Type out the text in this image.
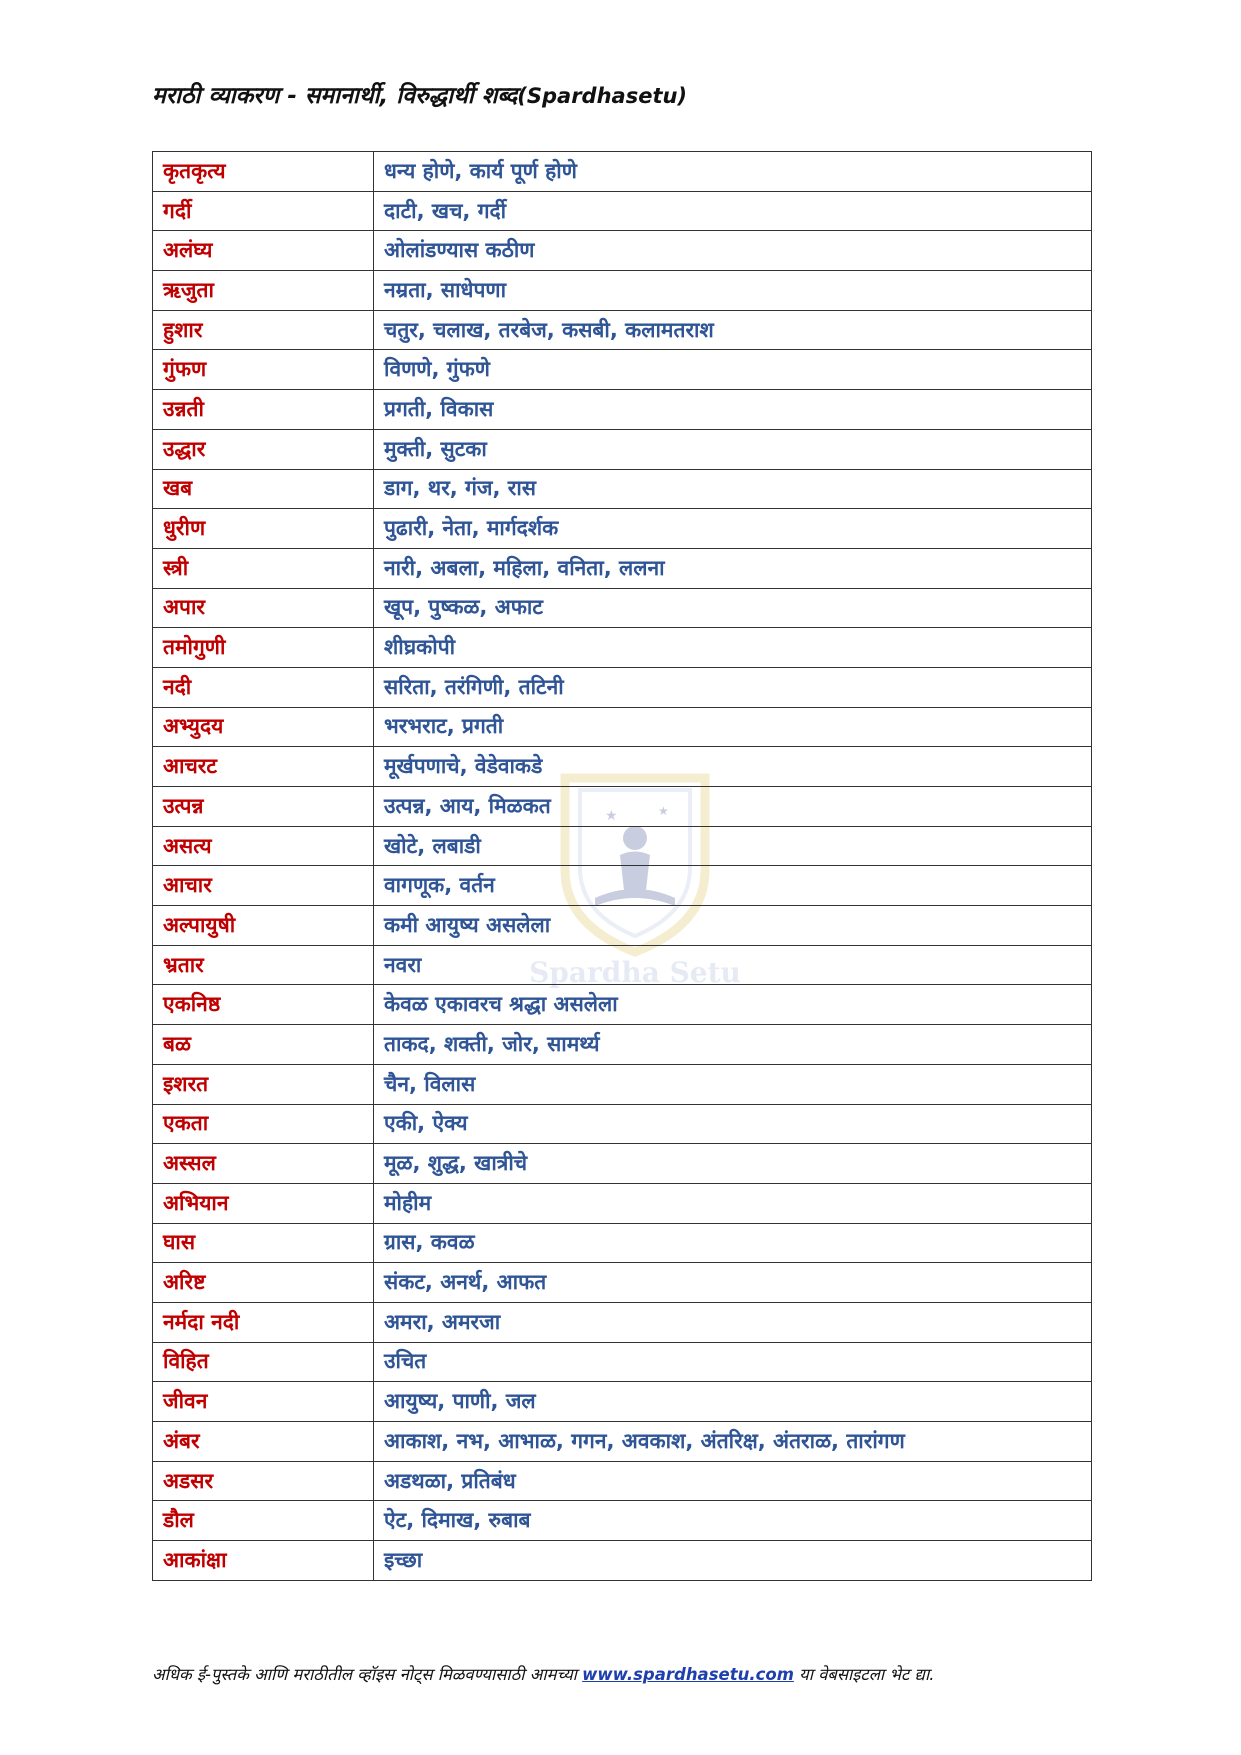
मराठी व्याकरण - समानार्थी, विरुद्धार्थी शब्द(Spardhasetu)
★	★
Spardha Setu
कृतकृत्य	धन्य होणे, कार्य पूर्ण होणे
गर्दी	दाटी, खच, गर्दी
अलंघ्य	ओलांडण्यास कठीण
ऋजुता	नम्रता, साधेपणा
हुशार	चतुर, चलाख, तरबेज, कसबी, कलामतराश
गुंफण	विणणे, गुंफणे
उन्नती	प्रगती, विकास
उद्धार	मुक्ती, सुटका
खब	डाग, थर, गंज, रास
धुरीण	पुढारी, नेता, मार्गदर्शक
स्त्री	नारी, अबला, महिला, वनिता, ललना
अपार	खूप, पुष्कळ, अफाट
तमोगुणी	शीघ्रकोपी
नदी	सरिता, तरंगिणी, तटिनी
अभ्युदय	भरभराट, प्रगती
आचरट	मूर्खपणाचे, वेडेवाकडे
उत्पन्न	उत्पन्न, आय, मिळकत
असत्य	खोटे, लबाडी
आचार	वागणूक, वर्तन
अल्पायुषी	कमी आयुष्य असलेला
भ्रतार	नवरा
एकनिष्ठ	केवळ एकावरच श्रद्धा असलेला
बळ	ताकद, शक्ती, जोर, सामर्थ्य
इशरत	चैन, विलास
एकता	एकी, ऐक्य
अस्सल	मूळ, शुद्ध, खात्रीचे
अभियान	मोहीम
घास	ग्रास, कवळ
अरिष्ट	संकट, अनर्थ, आफत
नर्मदा नदी	अमरा, अमरजा
विहित	उचित
जीवन	आयुष्य, पाणी, जल
अंबर	आकाश, नभ, आभाळ, गगन, अवकाश, अंतरिक्ष, अंतराळ, तारांगण
अडसर	अडथळा, प्रतिबंध
डौल	ऐट, दिमाख, रुबाब
आकांक्षा	इच्छा
अधिक ई-पुस्तके आणि मराठीतील व्हॉइस नोट्स मिळवण्यासाठी आमच्या www.spardhasetu.com या वेबसाइटला भेट द्या.
